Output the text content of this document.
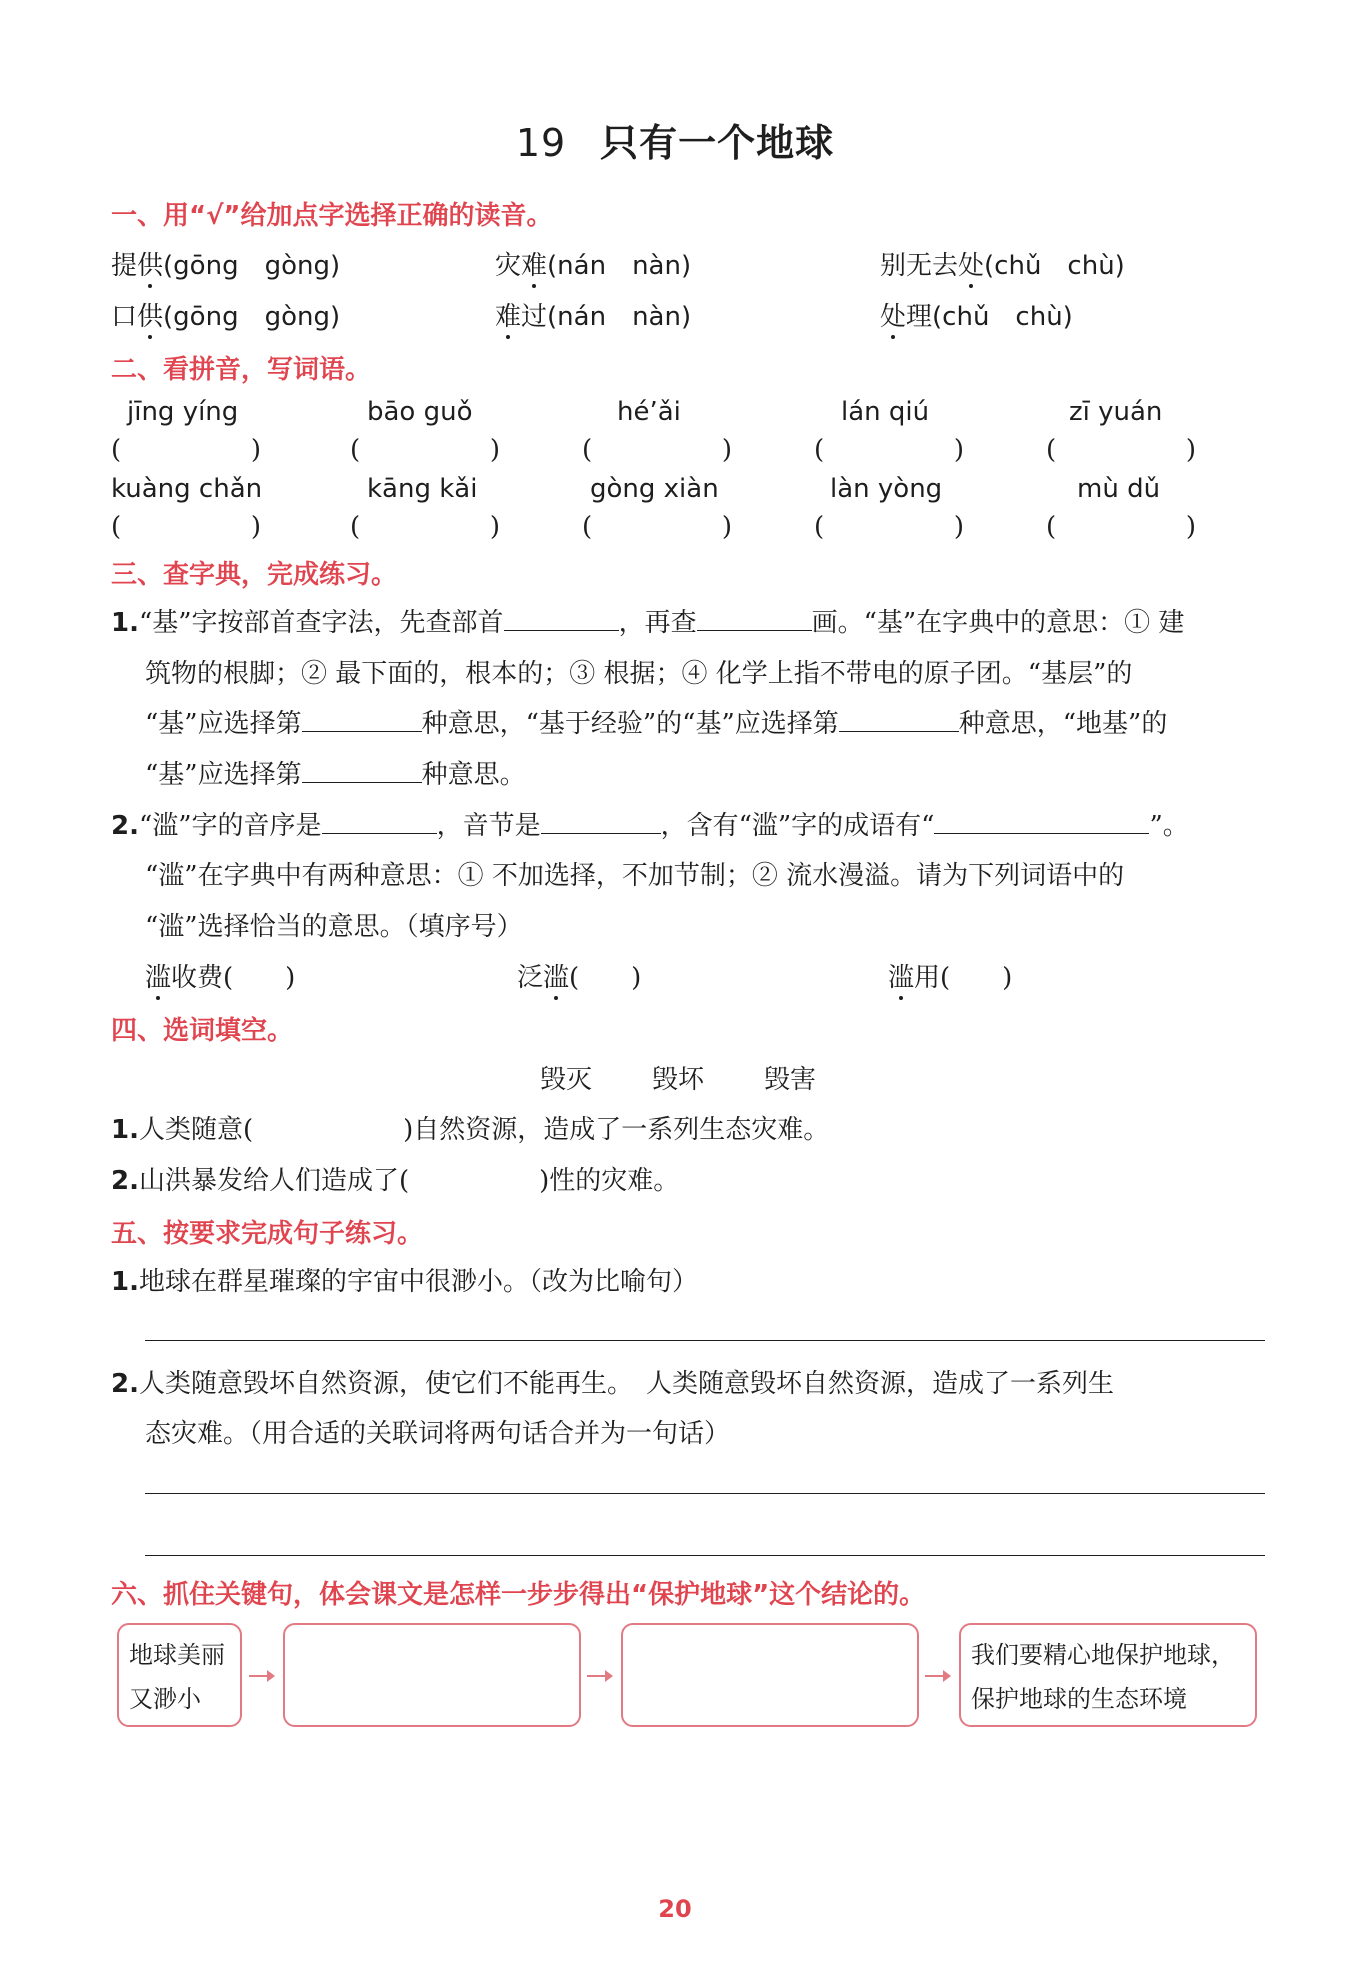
19 只有一个地球
一、用“√”给加点字选择正确的读音。
提供(gōng　gòng)	灾难(nán　nàn)	别无去处(chǔ　chù)
口供(gōng　gòng)	难过(nán　nàn)	处理(chǔ　chù)
二、看拼音，写词语。
jīng yíng	bāo guǒ	hé’ǎi	lán qiú	zī yuán
(	)	(	)	(	)	(	)	(	)
kuàng chǎn	kāng kǎi	gòng xiàn	làn yòng	mù dǔ
(	)	(	)	(	)	(	)	(	)
三、查字典，完成练习。
1.“基”字按部首查字法，先查部首	，再查	画。“基”在字典中的意思：① 建
筑物的根脚；② 最下面的，根本的；③ 根据；④ 化学上指不带电的原子团。“基层”的
“基”应选择第	种意思，“基于经验”的“基”应选择第	种意思，“地基”的
“基”应选择第	种意思。
2.“滥”字的音序是	，音节是	，含有“滥”字的成语有“	”。
“滥”在字典中有两种意思：① 不加选择，不加节制；② 流水漫溢。请为下列词语中的
“滥”选择恰当的意思。（填序号）
滥收费(　　)	泛滥(　　)	滥用(　　)
四、选词填空。
毁灭 毁坏 毁害
1.人类随意(	)自然资源，造成了一系列生态灾难。
2.山洪暴发给人们造成了(	)性的灾难。
五、按要求完成句子练习。
1.地球在群星璀璨的宇宙中很渺小。（改为比喻句）
2.人类随意毁坏自然资源，使它们不能再生。　人类随意毁坏自然资源，造成了一系列生
态灾难。（用合适的关联词将两句话合并为一句话）
六、抓住关键句，体会课文是怎样一步步得出“保护地球”这个结论的。
地球美丽
又渺小
我们要精心地保护地球，
保护地球的生态环境
20
